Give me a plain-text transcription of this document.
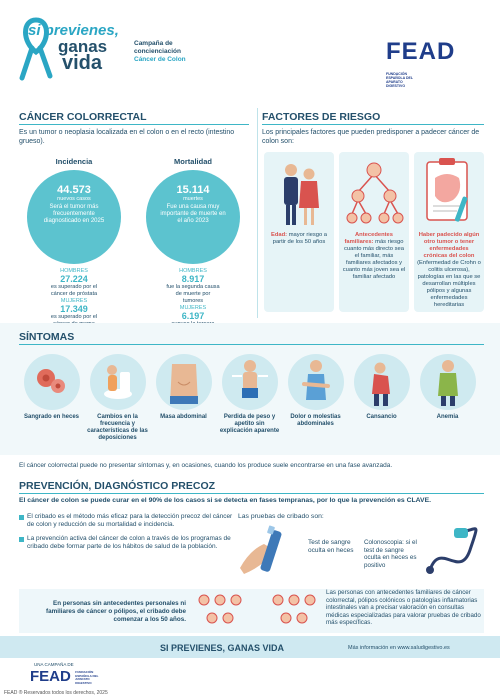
si previenes,
ganas
vida
Campaña de
concienciación
Cáncer de Colon	FEAD FUNDACIÓN ESPAÑOLA DEL APARATO DIGESTIVO
CÁNCER COLORRECTAL
Es un tumor o neoplasia localizada en el colon o en el recto (intestino grueso).
Incidencia
44.573
nuevos casos
Será el tumor más frecuentemente diagnosticado en 2025
HOMBRES
27.224
es superado por el cáncer de próstata

MUJERES
17.349
es superado por el
Mortalidad
15.114
muertes
Fue una causa muy importante de muerte en el año 2023
HOMBRES
8.917
fue la segunda causa de muerte por tumores

MUJERES
6.197
FACTORES DE RIESGO
Los principales factores que pueden predisponer a padecer cáncer de colon son:
Edad: mayor riesgo a partir de los 50 años
Antecedentes familiares: más riesgo cuanto más directo sea el familiar, más familiares afectados y cuanto más joven sea el familiar afectado
Haber padecido algún otro tumor o tener enfermedades crónicas del colon (Enfermedad de Crohn o colitis ulcerosa), patologías en las que se desarrollan múltiples pólipos y algunas enfermedades hereditarias
SÍNTOMAS
Sangrado en heces	Cambios en la frecuencia y características de las deposiciones
Masa abdominal	Perdida de peso y apetito sin explicación aparente
Dolor o molestias abdominales
Cansancio	Anemia
El cáncer colorrectal puede no presentar síntomas y, en ocasiones, cuando los produce suele encontrarse en una fase avanzada.
PREVENCIÓN, DIAGNÓSTICO PRECOZ
El cáncer de colon se puede curar en el 90% de los casos si se detecta en fases tempranas, por lo que la prevención es CLAVE.
El cribado es el método más eficaz para la detección precoz del cáncer de colon y reducción de su mortalidad e incidencia.
La prevención activa del cáncer de colon a través de los programas de cribado debe formar parte de los hábitos de salud de la población.
Las pruebas de cribado son:
Test de sangre oculta en heces
Colonoscopia: si el test de sangre oculta en heces es positivo
En personas sin antecedentes personales ni familiares de cáncer o pólipos, el cribado debe comenzar a los 50 años.
Las personas con antecedentes familiares de cáncer colorrectal, pólipos colónicos o patologías inflamatorias intestinales van a precisar valoración en consultas médicas especializadas para valorar pruebas de cribado más específicas.
SI PREVIENES, GANAS VIDA	Más información en www.saludigestivo.es
UNA CAMPAÑA DE
FEAD FUNDACIÓN ESPAÑOLA DEL APARATO DIGESTIVO
FEAD ® Reservados todos los derechos, 2025
